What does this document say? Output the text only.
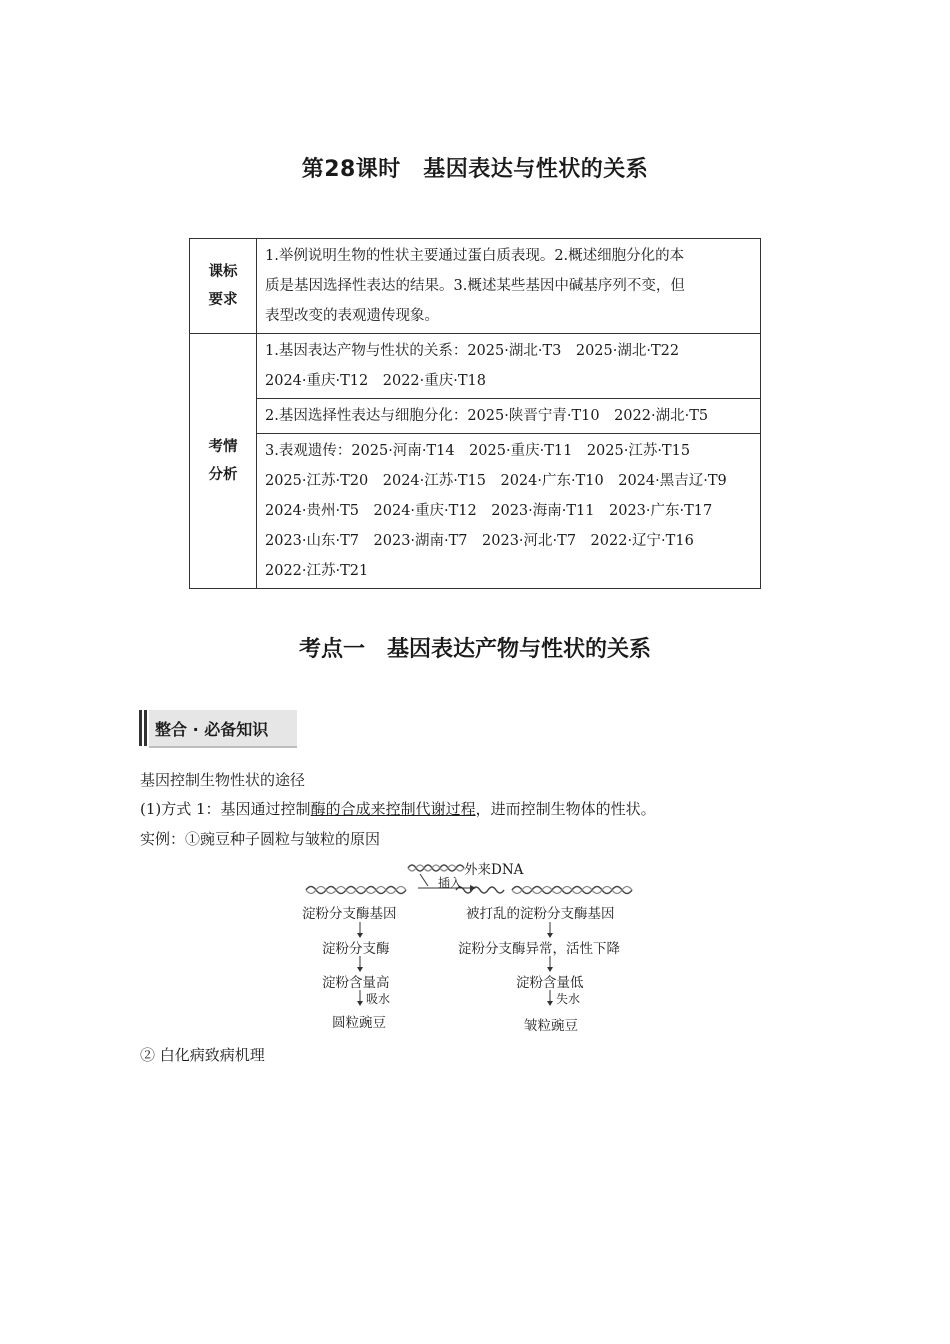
第28课时　基因表达与性状的关系
课标要求	1.举例说明生物的性状主要通过蛋白质表现。2.概述细胞分化的本
质是基因选择性表达的结果。3.概述某些基因中碱基序列不变，但
表型改变的表观遗传现象。

考情分析	1.基因表达产物与性状的关系：2025·湖北·T3　2025·湖北·T22
2024·重庆·T12　2022·重庆·T18

	2.基因选择性表达与细胞分化：2025·陕晋宁青·T10　2022·湖北·T5

	3.表观遗传：2025·河南·T14　2025·重庆·T11　2025·江苏·T15
2025·江苏·T20　2024·江苏·T15　2024·广东·T10　2024·黑吉辽·T9
2024·贵州·T5　2024·重庆·T12　2023·海南·T11　2023·广东·T17
2023·山东·T7　2023·湖南·T7　2023·河北·T7　2022·辽宁·T16
2022·江苏·T21
考点一　基因表达产物与性状的关系
整合 · 必备知识
基因控制生物性状的途径
(1)方式 1：基因通过控制酶的合成来控制代谢过程，进而控制生物体的性状。
实例：①豌豆种子圆粒与皱粒的原因
外来DNA
插入
淀粉分支酶基因
淀粉分支酶
淀粉含量高
吸水
圆粒豌豆
被打乱的淀粉分支酶基因
淀粉分支酶异常，活性下降
淀粉含量低
失水
皱粒豌豆
② 白化病致病机理
